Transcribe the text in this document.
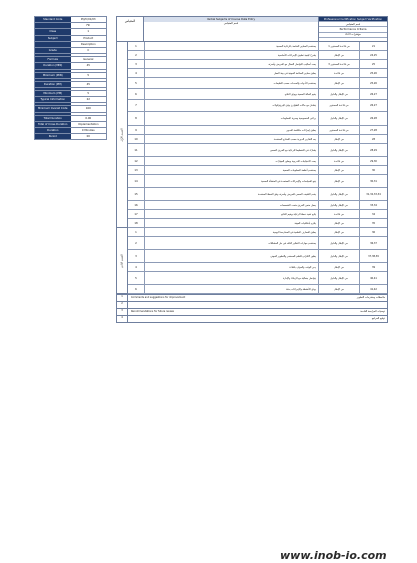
Standard Code	PQ/C/01/03
Fill
Class	1
Subject	Product
Description
Grade	C
Formula	General
Duration (MIN)	45
Minimum (MIN)	5
Duration (PM)	45
Minimum (PM)	5
Typical Information	22
Minimum Overall Code	160
Total Duration	0.00
Total of Cross Duration	Implementation
Duration	0 Minutes
Period	00
المقياس	Verbal Subjects of Course Data Entry
اسم المقياس
Professional Certification Subject Verification
اسم المقياس
Performance Criteria
مؤشرات الأداء
القسم الأول
القسم الثاني
1	يستخدم المعايير الخاصة بالرعاية الصحية	من قاعدة المستوى 1	21
2	يشرح كيفية تطبيق الإجراءات الأساسية	من الإطار	24,25
3	يحدد أساليب التواصل الفعال مع المريض وأسرته	من قاعدة المستوى 3	25
4	يطبق معايير السلامة المهنية في بيئة العمل	من قاعدة	25,26
5	يستخدم الأدوات والمعدات حسب التعليمات	من الإطار	25,26
6	يقيم الحالة الصحية ويوثق النتائج	من الإطار والدليل	26,27
7	يتعامل مع حالات الطوارئ وفق البروتوكولات	من قاعدة المستوى	26,27
8	يراعي الخصوصية وسرية المعلومات	من الإطار والدليل	26,28
9	يطبق إجراءات مكافحة العدوى	من قاعدة المستوى	27,28
10	يعد التقارير الدورية حسب النماذج المعتمدة	من الإطار	28
11	يشارك في التخطيط للرعاية مع الفريق الصحي	من الإطار والدليل	28,29
12	يحدد الاحتياجات التدريبية ويطور المهارات	من قاعدة	29,30
13	يستخدم أنظمة المعلومات الصحية	من الإطار	30
14	يتبع السياسات والإجراءات المعتمدة في المنشأة الصحية	من الإطار	30,31
15	يقدم التثقيف الصحي للمريض وأسرته وفق الخطة المعتمدة	من الإطار والدليل	31,32,33,34
16	يعمل ضمن الفريق متعدد التخصصات	من الإطار والدليل	33,34
17	يتابع تنفيذ خطة الرعاية ويقيم النتائج	من قاعدة	34
18	يلتزم بأخلاقيات المهنة	من الإطار	35
1	يطبق المعارف العلمية في الممارسة اليومية	من الإطار	36
2	يستخدم مهارات التفكير الناقد في حل المشكلات	من الإطار والدليل	36,37
3	يظهر الالتزام بالتعلم المستمر والتطوير المهني	من الإطار والدليل	37,38,39
4	يدير الوقت والموارد بكفاءة	من الإطار	39
5	يتواصل بفعالية مع الزملاء والإدارة	من الإطار والدليل	40,41
6	يوثق الأنشطة والإجراءات بدقة	من الإطار	41,42
1	Comments and suggestions for improvement	ملاحظات ومقترحات التطوير
2
3	Recommendations for future review	توصيات المراجعة القادمة
4	توقيع المراجع
www.inob-io.com
